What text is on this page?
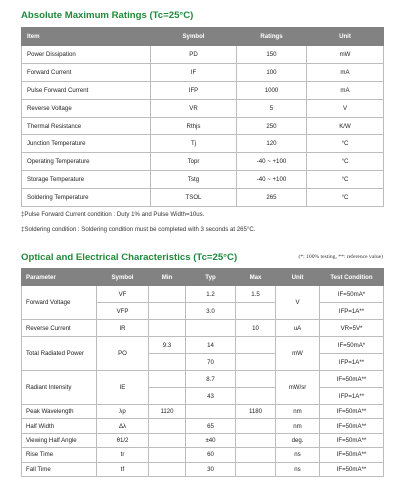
Absolute Maximum Ratings (Tc=25°C)
Item	Symbol	Ratings	Unit
Power Dissipation	PD	150	mW
Forward Current	IF	100	mA
Pulse Forward Current	IFP	1000	mA
Reverse Voltage	VR	5	V
Thermal Resistance	Rthjs	250	K/W
Junction Temperature	Tj	120	°C
Operating Temperature	Topr	-40 ~ +100	°C
Storage Temperature	Tstg	-40 ~ +100	°C
Soldering Temperature	TSOL	265	°C

‡Pulse Forward Current condition : Duty 1% and Pulse Width=10us.

‡Soldering condition : Soldering condition must be completed with 3 seconds at 265°C.

Optical and Electrical Characteristics (Tc=25°C)	(*: 100% testing, **: reference value)
Parameter	Symbol	Min	Typ	Max	Unit	Test Condition
Forward Voltage	VF		1.2	1.5	V	IF=50mA*
	VFP		3.0			IFP=1A**
Reverse Current	IR			10	uA	VR=5V*
Total Radiated Power	PO	9.3	14		mW	IF=50mA*
			70			IFP=1A**
Radiant Intensity	IE		8.7		mW/sr	IF=50mA**
			43			IFP=1A**
Peak Wavelength	λp	1120		1180	nm	IF=50mA**
Half Width	Δλ		65		nm	IF=50mA**
Viewing Half Angle	θ1/2		±40		deg.	IF=50mA**
Rise Time	tr		60		ns	IF=50mA**
Fall Time	tf		30		ns	IF=50mA**
